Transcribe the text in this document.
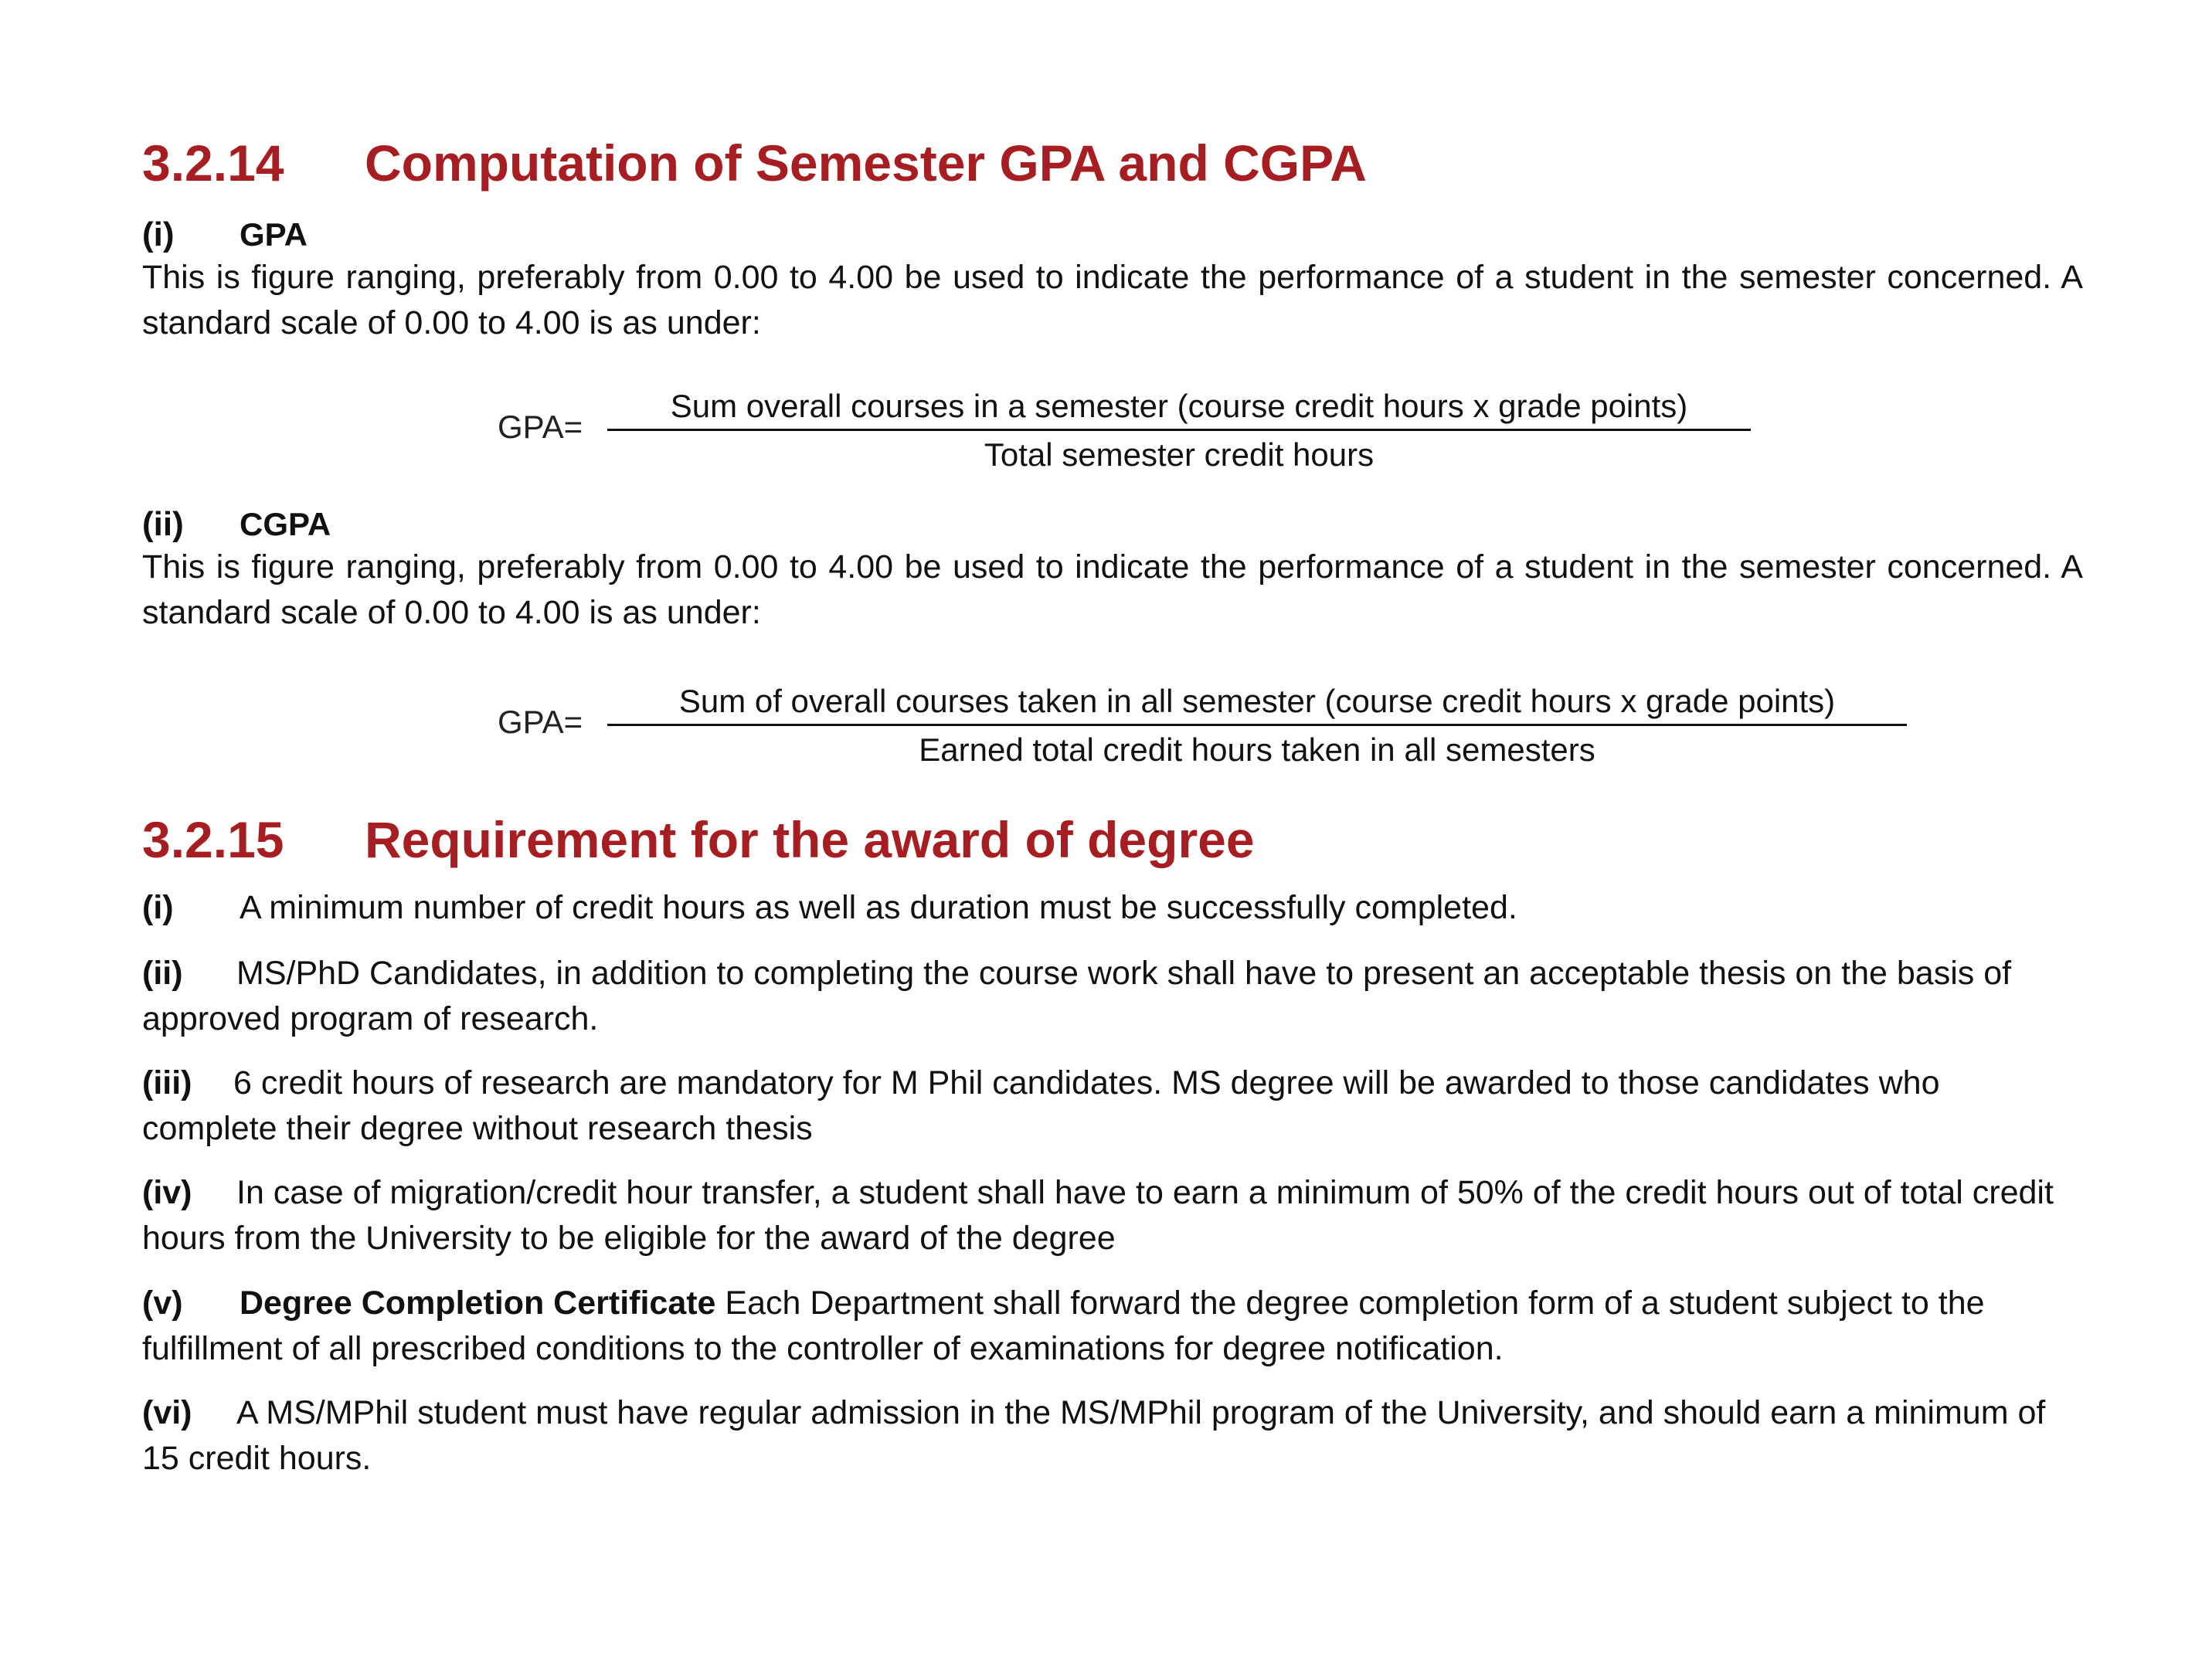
3.2.14 Computation of Semester GPA and CGPA
(i) GPA
This is figure ranging, preferably from 0.00 to 4.00 be used to indicate the performance of a student in the semester concerned. A standard scale of 0.00 to 4.00 is as under:
GPA=
Sum overall courses in a semester (course credit hours x grade points)
Total semester credit hours
(ii) CGPA
This is figure ranging, preferably from 0.00 to 4.00 be used to indicate the performance of a student in the semester concerned. A standard scale of 0.00 to 4.00 is as under:
GPA=
Sum of overall courses taken in all semester (course credit hours x grade points)
Earned total credit hours taken in all semesters
3.2.15 Requirement for the award of degree
(i) A minimum number of credit hours as well as duration must be successfully completed.
(ii) MS/PhD Candidates, in addition to completing the course work shall have to present an acceptable thesis on the basis of approved program of research.
(iii) 6 credit hours of research are mandatory for M Phil candidates. MS degree will be awarded to those candidates who complete their degree without research thesis
(iv) In case of migration/credit hour transfer, a student shall have to earn a minimum of 50% of the credit hours out of total credit hours from the University to be eligible for the award of the degree
(v) Degree Completion Certificate Each Department shall forward the degree completion form of a student subject to the fulfillment of all prescribed conditions to the controller of examinations for degree notification.
(vi) A MS/MPhil student must have regular admission in the MS/MPhil program of the University, and should earn a minimum of 15 credit hours.
